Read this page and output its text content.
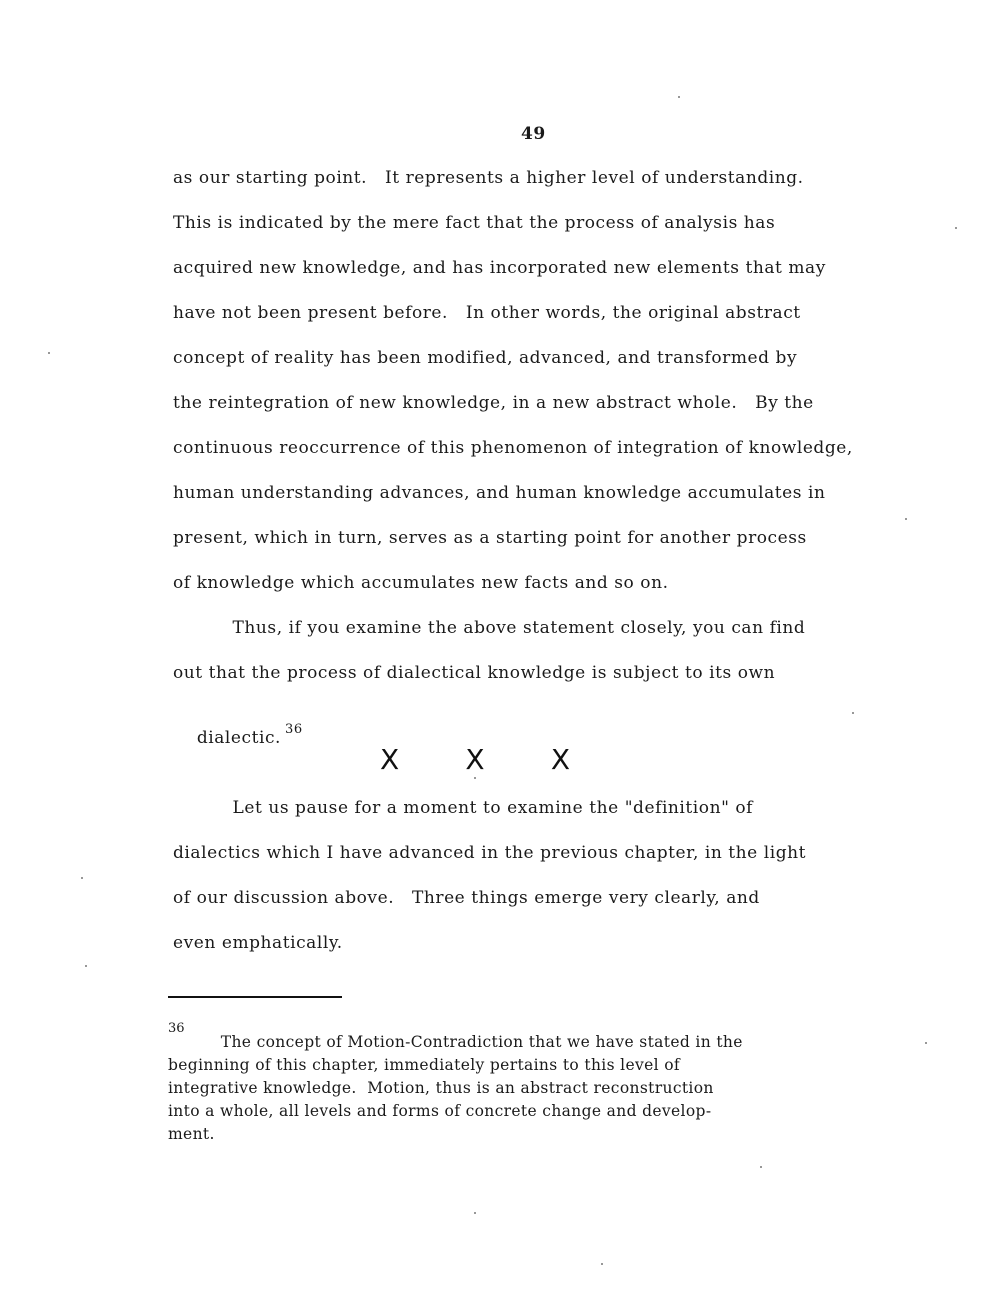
49
as our starting point.   It represents a higher level of understanding.
This is indicated by the mere fact that the process of analysis has
acquired new knowledge, and has incorporated new elements that may
have not been present before.   In other words, the original abstract
concept of reality has been modified, advanced, and transformed by
the reintegration of new knowledge, in a new abstract whole.   By the
continuous reoccurrence of this phenomenon of integration of knowledge,
human understanding advances, and human knowledge accumulates in
present, which in turn, serves as a starting point for another process
of knowledge which accumulates new facts and so on.
Thus, if you examine the above statement closely, you can find
out that the process of dialectical knowledge is subject to its own

dialectic. $^{36}$

X X X
Let us pause for a moment to examine the "definition" of
dialectics which I have advanced in the previous chapter, in the light
of our discussion above.   Three things emerge very clearly, and
even emphatically.
36
The concept of Motion-Contradiction that we have stated in the
beginning of this chapter, immediately pertains to this level of
integrative knowledge.  Motion, thus is an abstract reconstruction
into a whole, all levels and forms of concrete change and develop-
ment.
